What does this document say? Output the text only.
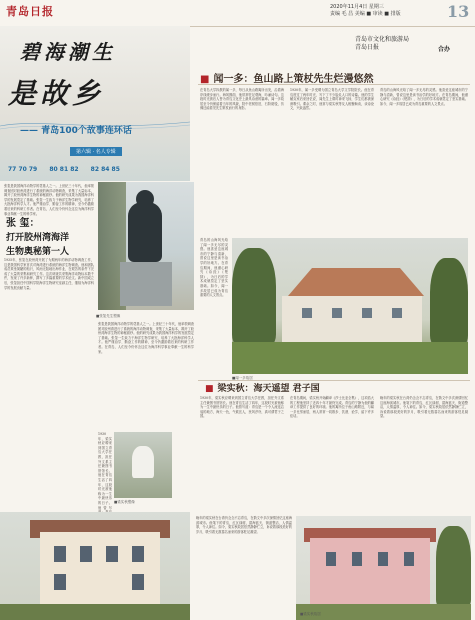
青岛日报	2020年11月4日 星期三
责编 毛 昌 美编 ■ 审读 ■ 排版	13
碧海潮生
是故乡
—— 青岛100个故事连环话
第六辑 · 名人专辑
77 70 79 80 81 82 82 84 85
青岛市文化和旅游局
青岛日报	合办
■ 闻一多：鱼山路上策杖先生烂漫悠然
在青岛大学执教的闻一多，每日从鱼山路寓所出发，沿着海岸线缓步而行。海风拂面，他常常驻足观海，吟诵诗句。这段时光被后人誉为青岛文化史上最具诗意的篇章。闻一多故居至今仍保留着当年的风貌，院中老树依旧，石阶斑驳，仿佛还能看见先生策杖而行的身影。
1930年，闻一多受聘为国立青岛大学文学院院长。他在青岛度过了两年时光，写下了不少脍炙人口的诗篇。他的学生臧克家后来回忆说，闻先生上课时神采飞扬，学生们都被深深吸引。课余之时，他常与梁实秋等友人相聚畅谈，谈诗论文，兴致盎然。
青岛的山海风光给了闻一多无尽的灵感。他喜爱这座城市的宁静与清新，曾说这里是读书治学的好地方。在青岛期间，他潜心研究《诗经》《楚辞》，为日后的学术成就奠定了坚实基础。如今，闻一多故居已成为青岛重要的人文景点。
张玺是我国海洋动物学的奠基人之一。上世纪三十年代，他率领调查团对胶州湾进行了系统的海洋动物调查，采集了大量标本，揭开了胶州湾海洋生物的神秘面纱。他的研究成果为我国海洋科学的发展奠定了基础。张玺一生致力于海洋生物学研究，培养了大批海洋科学人才。他严谨治学、勤奋工作的精神，至今仍激励着后来的科研工作者。在青岛，人们至今仍怀念这位为海洋科学事业奉献一生的科学家。
■张玺先生塑像
张 玺：
打开胶州湾海洋
生物奥秘第一人
1935年，张玺在胶州湾开展了为期两年的海洋动物调查工作，这是我国科学家首次对海湾进行系统的海洋生物调查。他和团队成员乘坐简陋的船只，风雨无阻地出海作业，在艰苦的条件下完成了大量的采集和研究工作。这次调查共采集海洋动物标本数千件，发现了许多新种，撰写了多篇重要的学术论文。新中国成立后，张玺担任中国科学院海洋生物研究室副主任，继续为海洋科学的发展贡献力量。
张玺是我国海洋动物学的奠基人之一。上世纪三十年代，他率领调查团对胶州湾进行了系统的海洋动物调查，采集了大量标本，揭开了胶州湾海洋生物的神秘面纱。他的研究成果为我国海洋科学的发展奠定了基础。张玺一生致力于海洋生物学研究，培养了大批海洋科学人才。他严谨治学、勤奋工作的精神，至今仍激励着后来的科研工作者。在青岛，人们至今仍怀念这位为海洋科学事业奉献一生的科学家。
■闻一多故居
青岛的山海风光给了闻一多无尽的灵感。他喜爱这座城市的宁静与清新，曾说这里是读书治学的好地方。在青岛期间，他潜心研究《诗经》《楚辞》，为日后的学术成就奠定了坚实基础。如今，闻一多故居已成为青岛重要的人文景点。
■ 梁实秋：海天遥望 君子国
■梁实秋塑像
1930年，梁实秋应聘来到国立青岛大学任教，担任外文系主任兼图书馆馆长。他在青岛生活了四年，这段时光被他称为一生中最快乐的日子。他曾写
1930年，梁实秋应聘来到国立青岛大学任教，担任外文系主任兼图书馆馆长。他在青岛生活了四年，这段时光被他称为一生中最快乐的日子。他曾写道：青岛是一个令人流连忘返的地方，海天一色，气候宜人，民风淳朴，真可谓君子之国。
在青岛期间，梁实秋开始翻译《莎士比亚全集》，这项浩大的工程他坚持了近四十年才最终完成。青岛的宁静为他的翻译工作提供了良好的环境。他的寓所位于鱼山路附近，与闻一多比邻而居，两人常常一同散步、饮酒、论学，留下许多佳话。
晚年的梁实秋在台湾仍念念不忘青岛，在散文中多次深情回忆这座海滨城市。他笔下的青岛，红瓦绿树，碧海蓝天，街道整洁，人情温厚，令人神往。如今，梁实秋故居依然静静伫立，诉说着那段美好的岁月，吸引着无数慕名而来的游客驻足凝望。
晚年的梁实秋在台湾仍念念不忘青岛，在散文中多次深情回忆这座海滨城市。他笔下的青岛，红瓦绿树，碧海蓝天，街道整洁，人情温厚，令人神往。如今，梁实秋故居依然静静伫立，诉说着那段美好的岁月，吸引着无数慕名而来的游客驻足凝望。
■梁实秋故居
